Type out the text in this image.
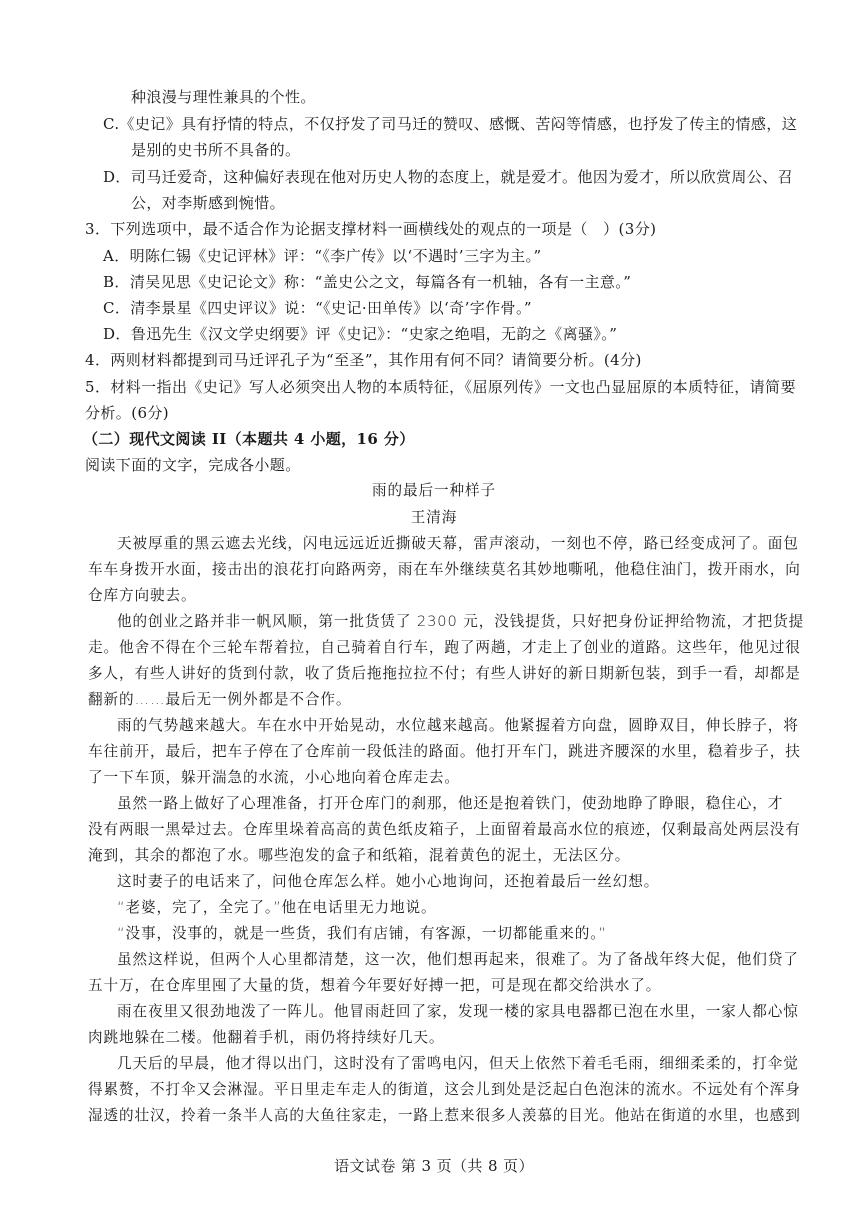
种浪漫与理性兼具的个性。
C.《史记》具有抒情的特点，不仅抒发了司马迁的赞叹、感慨、苦闷等情感，也抒发了传主的情感，这
是别的史书所不具备的。
D．司马迁爱奇，这种偏好表现在他对历史人物的态度上，就是爱才。他因为爱才，所以欣赏周公、召
公，对李斯感到惋惜。
3．下列选项中，最不适合作为论据支撑材料一画横线处的观点的一项是（　）(3分)
A．明陈仁锡《史记评林》评：“《李广传》以‘不遇时’三字为主。”
B．清吴见思《史记论文》称：“盖史公之文，每篇各有一机轴，各有一主意。”
C．清李景星《四史评议》说：“《史记·田单传》以‘奇’字作骨。”
D．鲁迅先生《汉文学史纲要》评《史记》：“史家之绝唱，无韵之《离骚》。”
4．两则材料都提到司马迁评孔子为“至圣”，其作用有何不同？请简要分析。(4分)
5．材料一指出《史记》写人必须突出人物的本质特征，《屈原列传》一文也凸显屈原的本质特征，请简要
分析。(6分)
（二）现代文阅读 II（本题共 4 小题，16 分）
阅读下面的文字，完成各小题。
雨的最后一种样子
王清海
天被厚重的黑云遮去光线，闪电远远近近撕破天幕，雷声滚动，一刻也不停，路已经变成河了。面包
车车身拨开水面，接击出的浪花打向路两旁，雨在车外继续莫名其妙地嘶吼，他稳住油门，拨开雨水，向
仓库方向驶去。
他的创业之路并非一帆风顺，第一批货赁了 2300 元，没钱提货，只好把身份证押给物流，才把货提
走。他舍不得在个三轮车帮着拉，自己骑着自行车，跑了两趟，才走上了创业的道路。这些年，他见过很
多人，有些人讲好的货到付款，收了货后拖拖拉拉不付；有些人讲好的新日期新包装，到手一看，却都是
翻新的……最后无一例外都是不合作。
雨的气势越来越大。车在水中开始晃动，水位越来越高。他紧握着方向盘，圆睁双目，伸长脖子，将
车往前开，最后，把车子停在了仓库前一段低洼的路面。他打开车门，跳进齐腰深的水里，稳着步子，扶
了一下车顶，躲开湍急的水流，小心地向着仓库走去。
虽然一路上做好了心理准备，打开仓库门的刹那，他还是抱着铁门，使劲地睁了睁眼，稳住心，才
没有两眼一黑晕过去。仓库里垛着高高的黄色纸皮箱子，上面留着最高水位的痕迹，仅剩最高处两层没有
淹到，其余的都泡了水。哪些泡发的盒子和纸箱，混着黄色的泥土，无法区分。
这时妻子的电话来了，问他仓库怎么样。她小心地询问，还抱着最后一丝幻想。
“老婆，完了，全完了。”他在电话里无力地说。
“没事，没事的，就是一些货，我们有店铺，有客源，一切都能重来的。”
虽然这样说，但两个人心里都清楚，这一次，他们想再起来，很难了。为了备战年终大促，他们贷了
五十万，在仓库里囤了大量的货，想着今年要好好搏一把，可是现在都交给洪水了。
雨在夜里又很劲地泼了一阵儿。他冒雨赶回了家，发现一楼的家具电器都已泡在水里，一家人都心惊
肉跳地躲在二楼。他翻着手机，雨仍将持续好几天。
几天后的早晨，他才得以出门，这时没有了雷鸣电闪，但天上依然下着毛毛雨，细细柔柔的，打伞觉
得累赘，不打伞又会淋湿。平日里走车走人的街道，这会儿到处是泛起白色泡沫的流水。不远处有个浑身
湿透的壮汉，拎着一条半人高的大鱼往家走，一路上惹来很多人羡慕的目光。他站在街道的水里，也感到
语文试卷 第 3 页（共 8 页）
